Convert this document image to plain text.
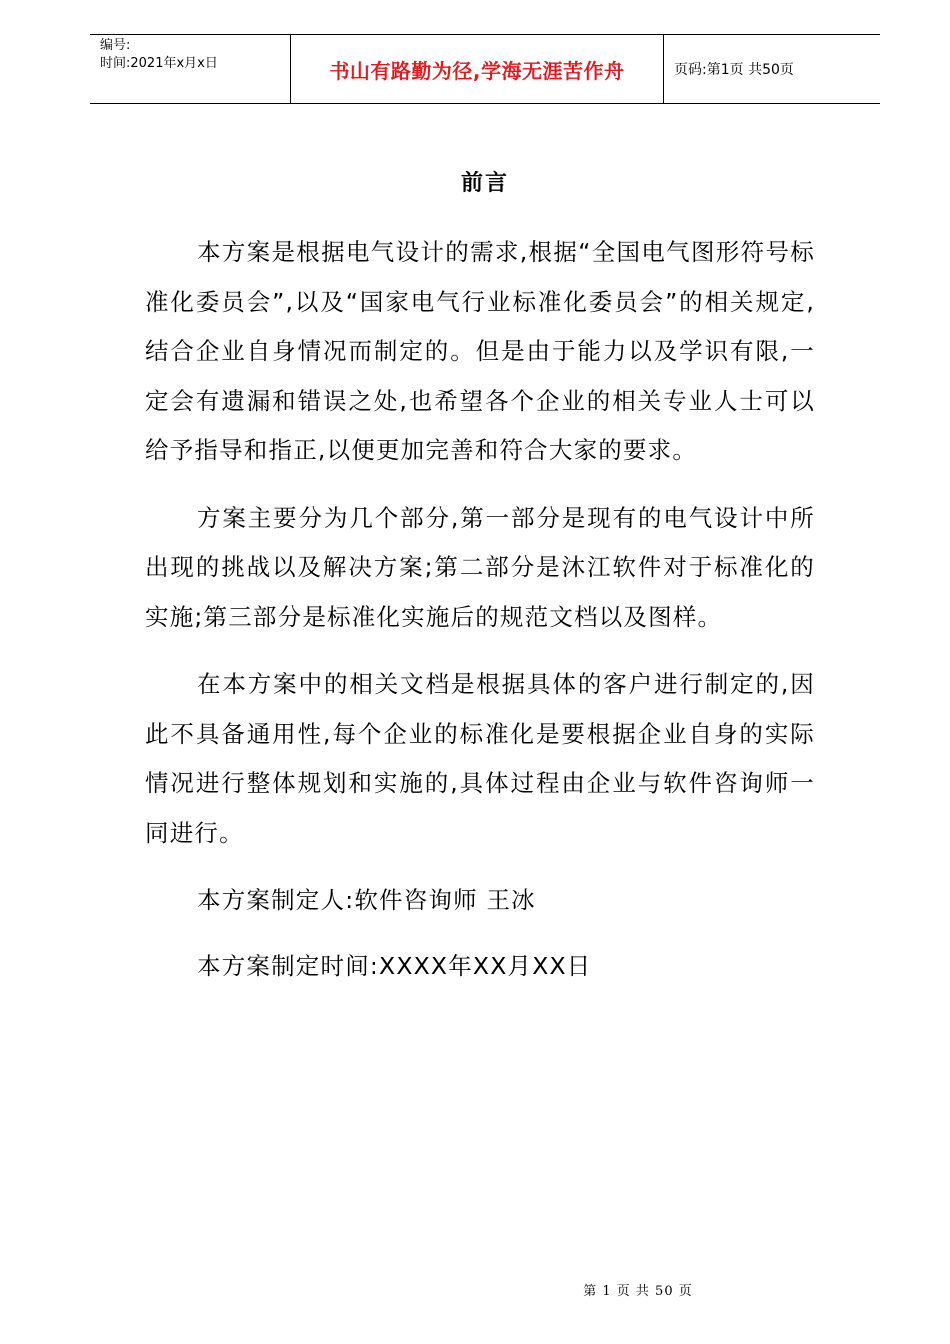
编号:
时间:2021年x月x日	书山有路勤为径,学海无涯苦作舟	页码:第1页 共50页
前言

本方案是根据电气设计的需求,根据“全国电气图形符号标准化委员会”,以及“国家电气行业标准化委员会”的相关规定,结合企业自身情况而制定的。但是由于能力以及学识有限,一定会有遗漏和错误之处,也希望各个企业的相关专业人士可以给予指导和指正,以便更加完善和符合大家的要求。

方案主要分为几个部分,第一部分是现有的电气设计中所出现的挑战以及解决方案;第二部分是沐江软件对于标准化的实施;第三部分是标准化实施后的规范文档以及图样。

在本方案中的相关文档是根据具体的客户进行制定的,因此不具备通用性,每个企业的标准化是要根据企业自身的实际情况进行整体规划和实施的,具体过程由企业与软件咨询师一同进行。

本方案制定人:软件咨询师 王冰

本方案制定时间:XXXX年XX月XX日

第 1 页 共 50 页
